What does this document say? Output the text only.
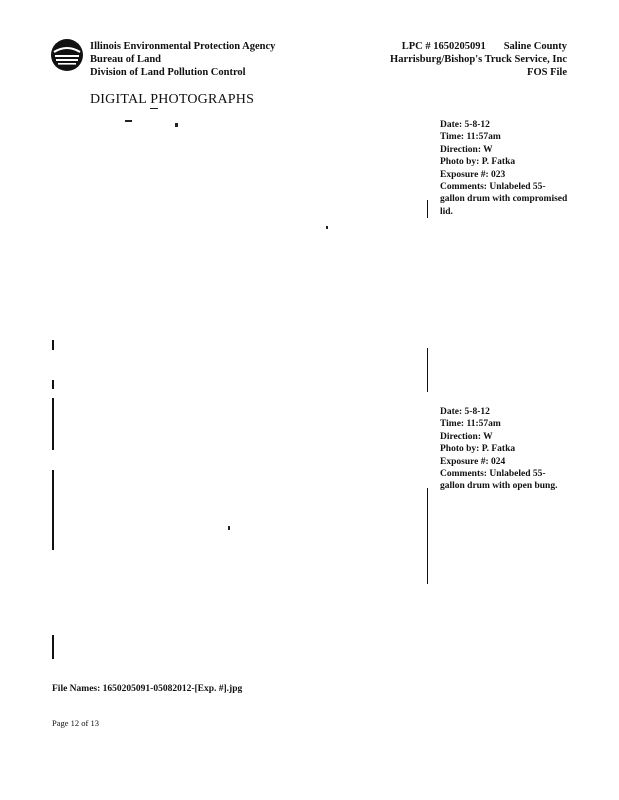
Illinois Environmental Protection Agency
Bureau of Land
Division of Land Pollution Control
LPC # 1650205091 Saline County
Harrisburg/Bishop's Truck Service, Inc
FOS File
DIGITAL PHOTOGRAPHS
Date: 5-8-12
Time: 11:57am
Direction: W
Photo by: P. Fatka
Exposure #: 023
Comments: Unlabeled 55-gallon drum with compromised lid.
Date: 5-8-12
Time: 11:57am
Direction: W
Photo by: P. Fatka
Exposure #: 024
Comments: Unlabeled 55-gallon drum with open bung.
File Names: 1650205091-05082012-[Exp. #].jpg
Page 12 of 13
